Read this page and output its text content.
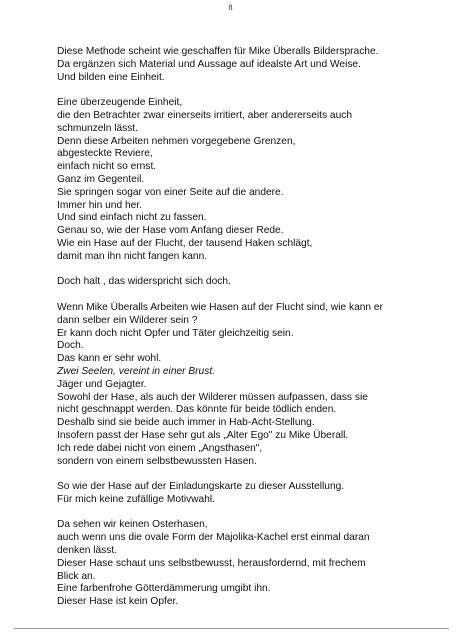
8
Diese Methode scheint wie geschaffen für Mike Überalls Bildersprache.
Da ergänzen sich Material und Aussage auf idealste Art und Weise.
Und bilden eine Einheit.
Eine überzeugende Einheit,
die den Betrachter zwar einerseits irritiert, aber andererseits auch
schmunzeln lässt.
Denn diese Arbeiten nehmen vorgegebene Grenzen,
abgesteckte Reviere,
einfach nicht so ernst.
Ganz im Gegenteil.
Sie springen sogar von einer Seite auf die andere.
Immer hin und her.
Und sind einfach nicht zu fassen.
Genau so, wie der Hase vom Anfang dieser Rede.
Wie ein Hase auf der Flucht, der tausend Haken schlägt,
damit man ihn nicht fangen kann.
Doch halt , das widerspricht sich doch.
Wenn Mike Überalls Arbeiten wie Hasen auf der Flucht sind, wie kann er
dann selber ein Wilderer sein ?
Er kann doch nicht Opfer und Täter gleichzeitig sein.
Doch.
Das kann er sehr wohl.
Zwei Seelen, vereint in einer Brust.
Jäger und Gejagter.
Sowohl der Hase, als auch der Wilderer müssen aufpassen, dass sie
nicht geschnappt werden. Das könnte für beide tödlich enden.
Deshalb sind sie beide auch immer in Hab-Acht-Stellung.
Insofern passt der Hase sehr gut als „Alter Ego" zu Mike Überall.
Ich rede dabei nicht von einem „Angsthasen",
sondern von einem selbstbewussten Hasen.
So wie der Hase auf der Einladungskarte zu dieser Ausstellung.
Für mich keine zufällige Motivwahl.
Da sehen wir keinen Osterhasen,
auch wenn uns die ovale Form der Majolika-Kachel erst einmal daran
denken lässt.
Dieser Hase schaut uns selbstbewusst, herausfordernd, mit frechem
Blick an.
Eine farbenfrohe Götterdämmerung umgibt ihn.
Dieser Hase ist kein Opfer.
